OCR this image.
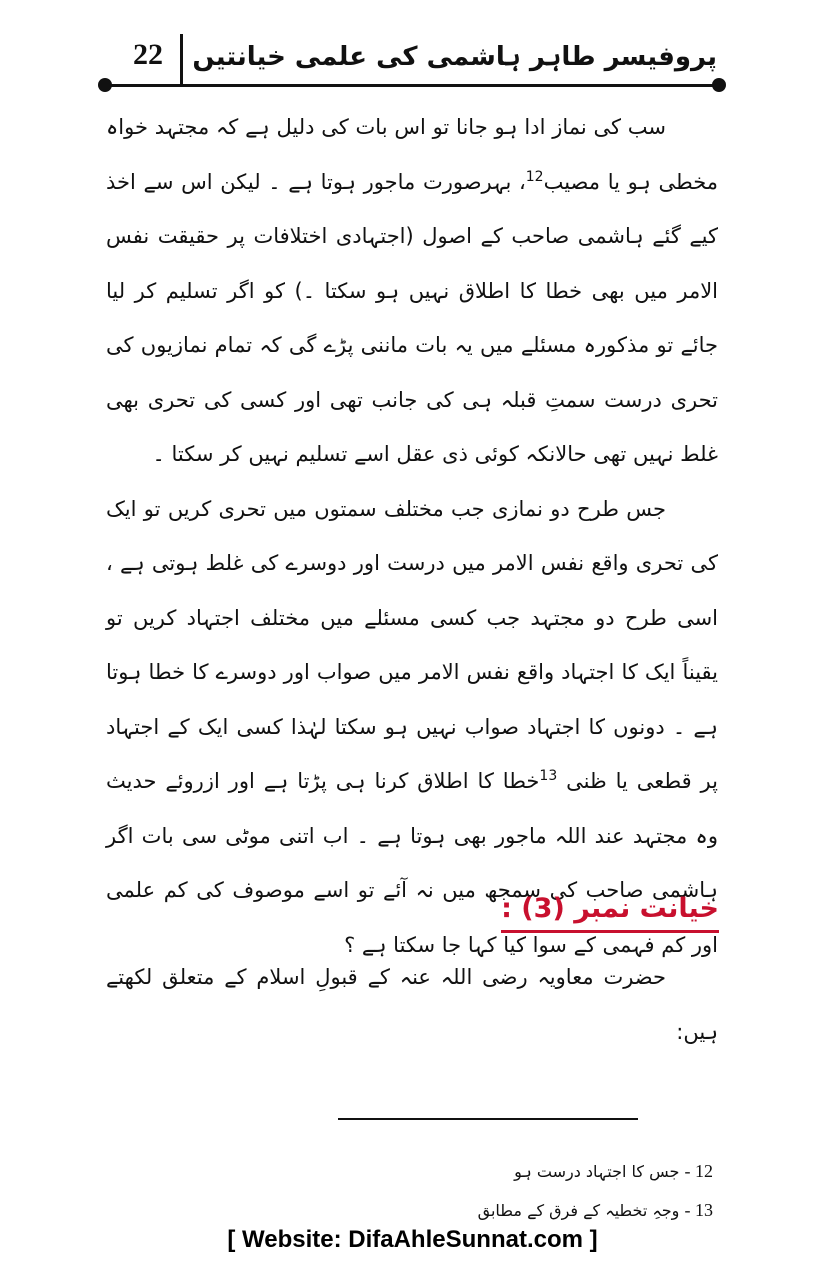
22	پروفیسر طاہر ہاشمی کی علمی خیانتیں

سب کی نماز ادا ہو جانا تو اس بات کی دلیل ہے کہ مجتہد خواہ مخطی ہو یا مصیب$^{12}$، بہرصورت ماجور ہوتا ہے ۔ لیکن اس سے اخذ کیے گئے ہاشمی صاحب کے اصول (اجتہادی اختلافات پر حقیقت نفس الامر میں بھی خطا کا اطلاق نہیں ہو سکتا ۔) کو اگر تسلیم کر لیا جائے تو مذکورہ مسئلے میں یہ بات ماننی پڑے گی کہ تمام نمازیوں کی تحری درست سمتِ قبلہ ہی کی جانب تھی اور کسی کی تحری بھی غلط نہیں تھی حالانکہ کوئی ذی عقل اسے تسلیم نہیں کر سکتا ۔

جس طرح دو نمازی جب مختلف سمتوں میں تحری کریں تو ایک کی تحری واقع نفس الامر میں درست اور دوسرے کی غلط ہوتی ہے ، اسی طرح دو مجتہد جب کسی مسئلے میں مختلف اجتہاد کریں تو یقیناً ایک کا اجتہاد واقع نفس الامر میں صواب اور دوسرے کا خطا ہوتا ہے ۔ دونوں کا اجتہاد صواب نہیں ہو سکتا لہٰذا کسی ایک کے اجتہاد پر قطعی یا ظنی $^{13}$خطا کا اطلاق کرنا ہی پڑتا ہے اور ازروئے حدیث وہ مجتہد عند اللہ ماجور بھی ہوتا ہے ۔ اب اتنی موٹی سی بات اگر ہاشمی صاحب کی سمجھ میں نہ آئے تو اسے موصوف کی کم علمی اور کم فہمی کے سوا کیا کہا جا سکتا ہے ؟

خیانت نمبر (3) :

حضرت معاویہ رضی اللہ عنہ کے قبولِ اسلام کے متعلق لکھتے ہیں:

12 - جس کا اجتہاد درست ہو
13 - وجہِ تخطیہ کے فرق کے مطابق
[ Website: DifaAhleSunnat.com ]
